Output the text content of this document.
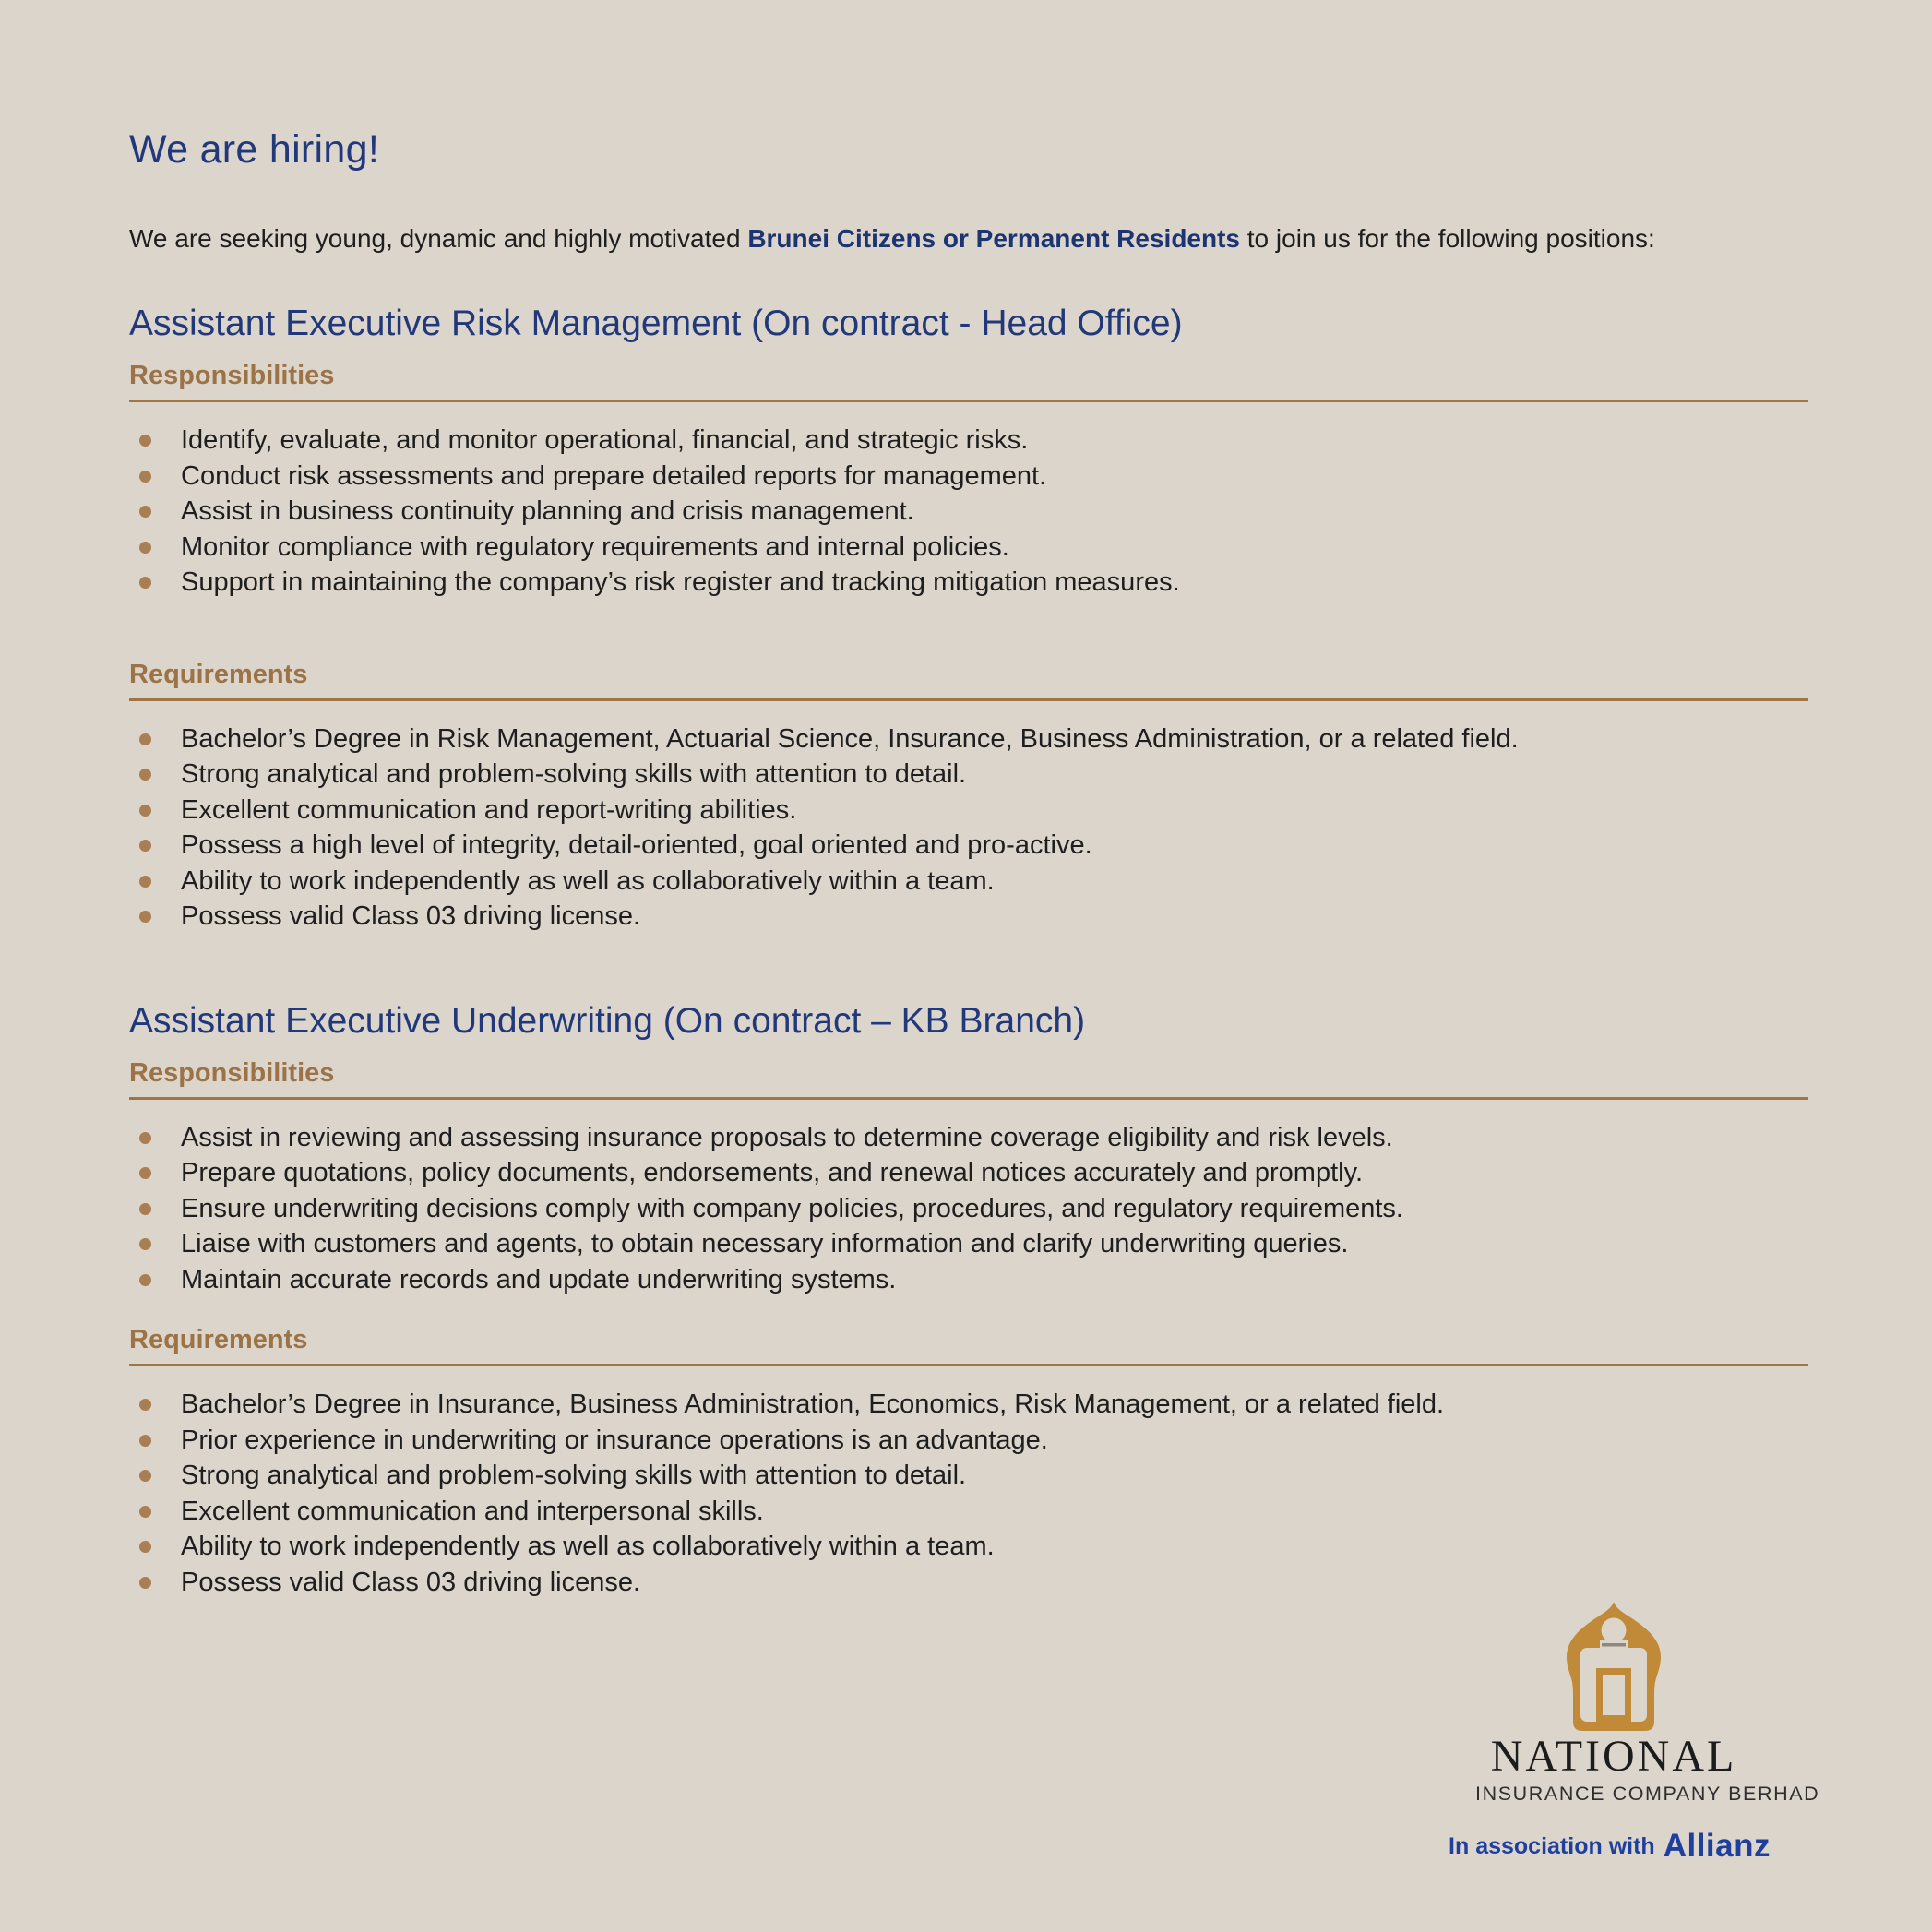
We are hiring!

We are seeking young, dynamic and highly motivated Brunei Citizens or Permanent Residents to join us for the following positions:

Assistant Executive Risk Management (On contract - Head Office)
Responsibilities
Identify, evaluate, and monitor operational, financial, and strategic risks.
Conduct risk assessments and prepare detailed reports for management.
Assist in business continuity planning and crisis management.
Monitor compliance with regulatory requirements and internal policies.
Support in maintaining the company’s risk register and tracking mitigation measures.
Requirements
Bachelor’s Degree in Risk Management, Actuarial Science, Insurance, Business Administration, or a related field.
Strong analytical and problem-solving skills with attention to detail.
Excellent communication and report-writing abilities.
Possess a high level of integrity, detail-oriented, goal oriented and pro-active.
Ability to work independently as well as collaboratively within a team.
Possess valid Class 03 driving license.
Assistant Executive Underwriting (On contract – KB Branch)
Responsibilities
Assist in reviewing and assessing insurance proposals to determine coverage eligibility and risk levels.
Prepare quotations, policy documents, endorsements, and renewal notices accurately and promptly.
Ensure underwriting decisions comply with company policies, procedures, and regulatory requirements.
Liaise with customers and agents, to obtain necessary information and clarify underwriting queries.
Maintain accurate records and update underwriting systems.
Requirements
Bachelor’s Degree in Insurance, Business Administration, Economics, Risk Management, or a related field.
Prior experience in underwriting or insurance operations is an advantage.
Strong analytical and problem-solving skills with attention to detail.
Excellent communication and interpersonal skills.
Ability to work independently as well as collaboratively within a team.
Possess valid Class 03 driving license.
NATIONAL
INSURANCE COMPANY BERHAD
In association with Allianz
